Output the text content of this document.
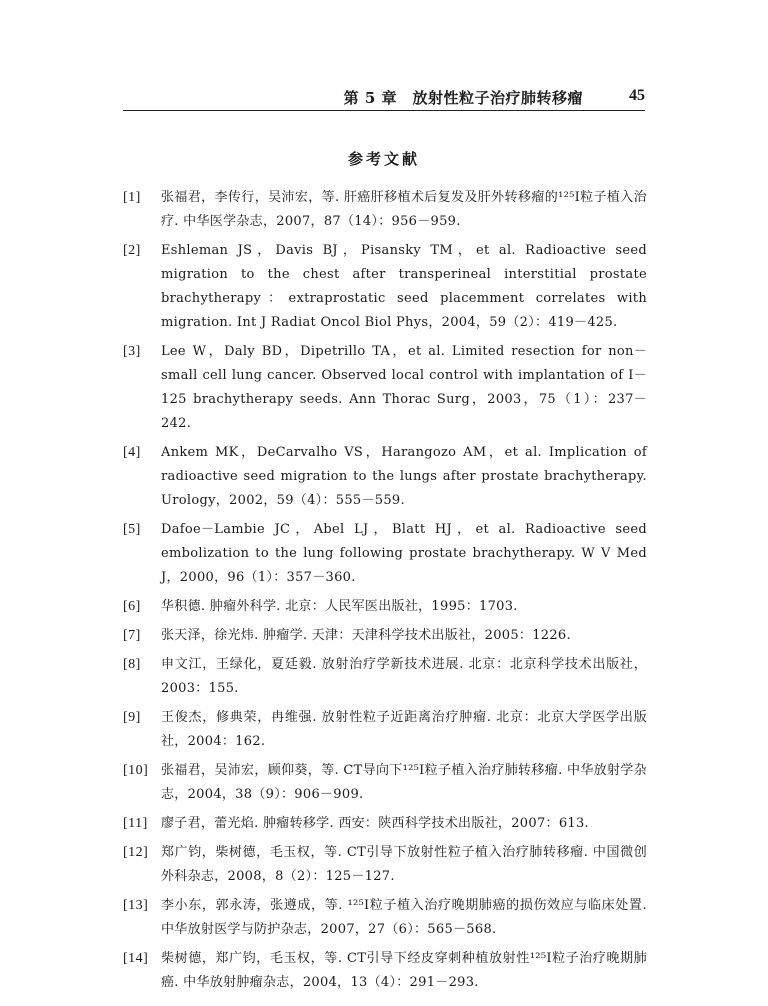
第 5 章　放射性粒子治疗肺转移瘤	45
参考文献
[1] 张福君，李传行，吴沛宏，等. 肝癌肝移植术后复发及肝外转移瘤的¹²⁵I粒子植入治疗. 中华医学杂志，2007，87（14）：956－959.
[2] Eshleman JS，Davis BJ，Pisansky TM，et al. Radioactive seed migration to the chest after transperineal interstitial prostate brachytherapy：extraprostatic seed placemment correlates with migration. Int J Radiat Oncol Biol Phys，2004，59（2）：419－425.
[3] Lee W，Daly BD，Dipetrillo TA，et al. Limited resection for non－small cell lung cancer. Observed local control with implantation of I－125 brachytherapy seeds. Ann Thorac Surg，2003，75（1）：237－242.
[4] Ankem MK，DeCarvalho VS，Harangozo AM，et al. Implication of radioactive seed migration to the lungs after prostate brachytherapy. Urology，2002，59（4）：555－559.
[5] Dafoe－Lambie JC，Abel LJ，Blatt HJ，et al. Radioactive seed embolization to the lung following prostate brachytherapy. W V Med J，2000，96（1）：357－360.
[6] 华积德. 肿瘤外科学. 北京：人民军医出版社，1995：1703.
[7] 张天泽，徐光炜. 肿瘤学. 天津：天津科学技术出版社，2005：1226.
[8] 申文江，王绿化，夏廷毅. 放射治疗学新技术进展. 北京：北京科学技术出版社，2003：155.
[9] 王俊杰，修典荣，冉维强. 放射性粒子近距离治疗肿瘤. 北京：北京大学医学出版社，2004：162.
[10] 张福君，吴沛宏，顾仰葵，等. CT导向下¹²⁵I粒子植入治疗肺转移瘤. 中华放射学杂志，2004，38（9）：906－909.
[11] 廖子君，蕾光焰. 肿瘤转移学. 西安：陕西科学技术出版社，2007：613.
[12] 郑广钧，柴树德，毛玉权，等. CT引导下放射性粒子植入治疗肺转移瘤. 中国微创外科杂志，2008，8（2）：125－127.
[13] 李小东，郭永涛，张遵成，等. ¹²⁵I粒子植入治疗晚期肺癌的损伤效应与临床处置. 中华放射医学与防护杂志，2007，27（6）：565－568.
[14] 柴树德，郑广钧，毛玉权，等. CT引导下经皮穿刺种植放射性¹²⁵I粒子治疗晚期肺癌. 中华放射肿瘤杂志，2004，13（4）：291－293.
